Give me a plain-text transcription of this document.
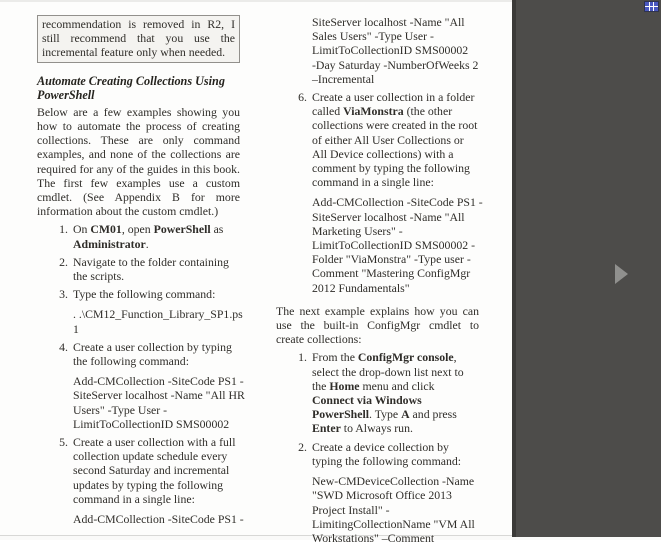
recommendation is removed in R2, I still recommend that you use the incremental feature only when needed.
Automate Creating Collections Using PowerShell

Below are a few examples showing you how to automate the process of creating collections. These are only command examples, and none of the collections are required for any of the guides in this book. The first few examples use a custom cmdlet. (See Appendix B for more information about the custom cmdlet.)

1. On CM01, open PowerShell as Administrator.
2. Navigate to the folder containing the scripts.
3. Type the following command:
. .\CM12_Function_Library_SP1.ps
1
4. Create a user collection by typing the following command:
Add-CMCollection -SiteCode PS1 -
SiteServer localhost -Name "All HR
Users" -Type User -
LimitToCollectionID SMS00002
5. Create a user collection with a full collection update schedule every second Saturday and incremental updates by typing the following command in a single line:
Add-CMCollection -SiteCode PS1 -
SiteServer localhost -Name "All
Sales Users" -Type User -
LimitToCollectionID SMS00002
-Day Saturday -NumberOfWeeks 2
–Incremental
6. Create a user collection in a folder called ViaMonstra (the other collections were created in the root of either All User Collections or All Device collections) with a comment by typing the following command in a single line:
Add-CMCollection -SiteCode PS1 -
SiteServer localhost -Name "All
Marketing Users" -
LimitToCollectionID SMS00002 -
Folder "ViaMonstra" -Type user -
Comment "Mastering ConfigMgr
2012 Fundamentals"

The next example explains how you can use the built-in ConfigMgr cmdlet to create collections:

1. From the ConfigMgr console, select the drop-down list next to the Home menu and click Connect via Windows PowerShell. Type A and press Enter to Always run.
2. Create a device collection by typing the following command:
New-CMDeviceCollection -Name
"SWD Microsoft Office 2013
Project Install" -
LimitingCollectionName "VM All
Workstations" –Comment
